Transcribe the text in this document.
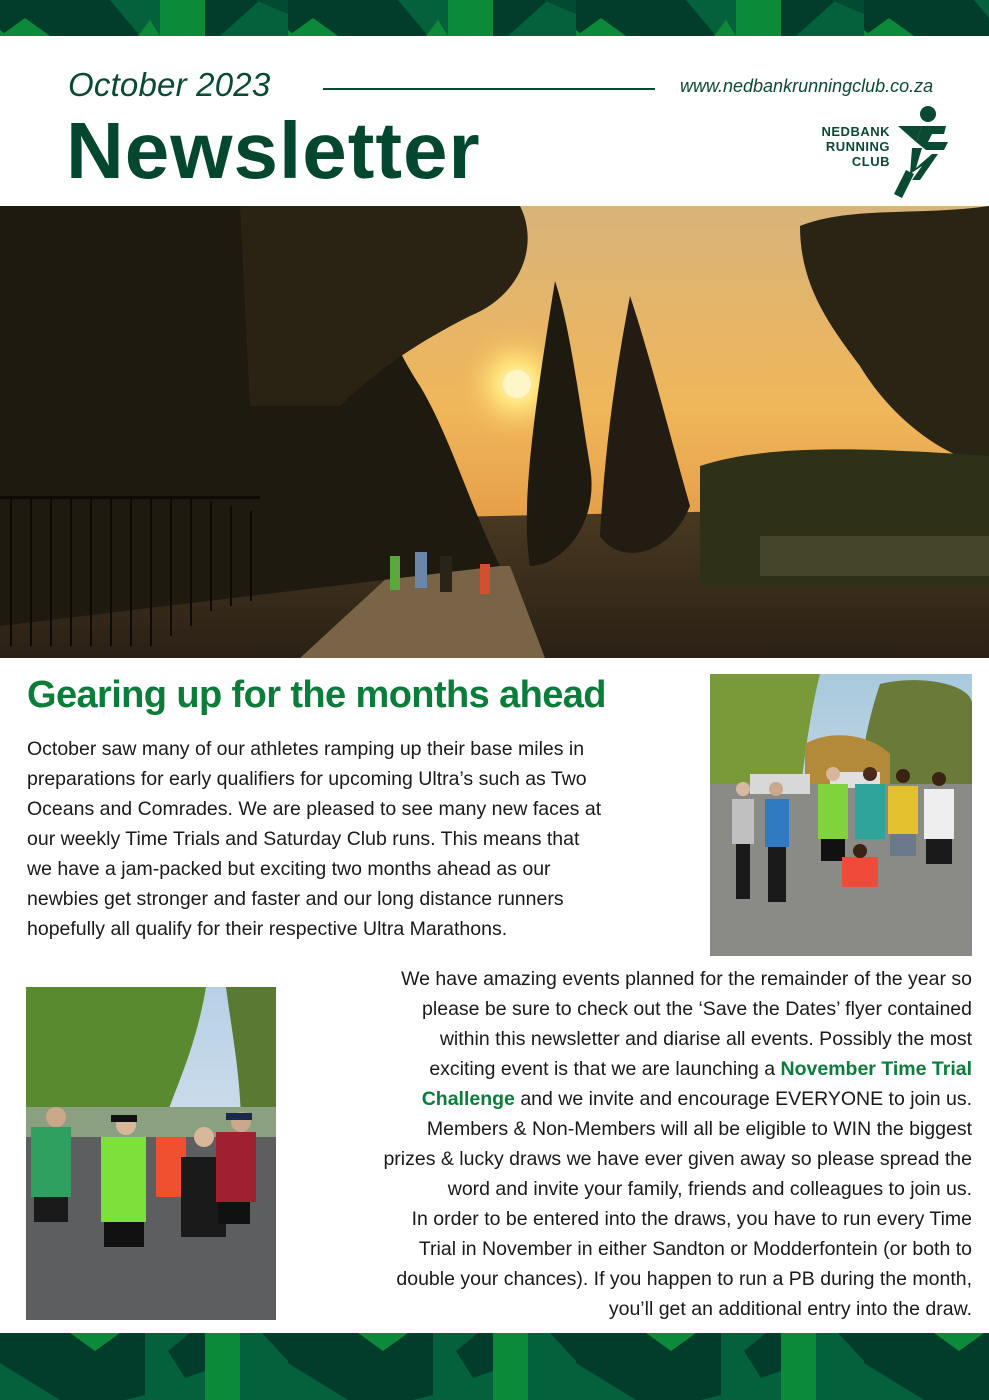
October 2023
Newsletter
www.nedbankrunningclub.co.za
NEDBANK
RUNNING
CLUB
Gearing up for the months ahead
October saw many of our athletes ramping up their base miles in
preparations for early qualifiers for upcoming Ultra’s such as Two
Oceans and Comrades. We are pleased to see many new faces at
our weekly Time Trials and Saturday Club runs. This means that
we have a jam-packed but exciting two months ahead as our
newbies get stronger and faster and our long distance runners
hopefully all qualify for their respective Ultra Marathons.
We have amazing events planned for the remainder of the year so
please be sure to check out the ‘Save the Dates’ flyer contained
within this newsletter and diarise all events. Possibly the most
exciting event is that we are launching a November Time Trial
Challenge and we invite and encourage EVERYONE to join us.
Members & Non-Members will all be eligible to WIN the biggest
prizes & lucky draws we have ever given away so please spread the
word and invite your family, friends and colleagues to join us.
In order to be entered into the draws, you have to run every Time
Trial in November in either Sandton or Modderfontein (or both to
double your chances). If you happen to run a PB during the month,
you’ll get an additional entry into the draw.
